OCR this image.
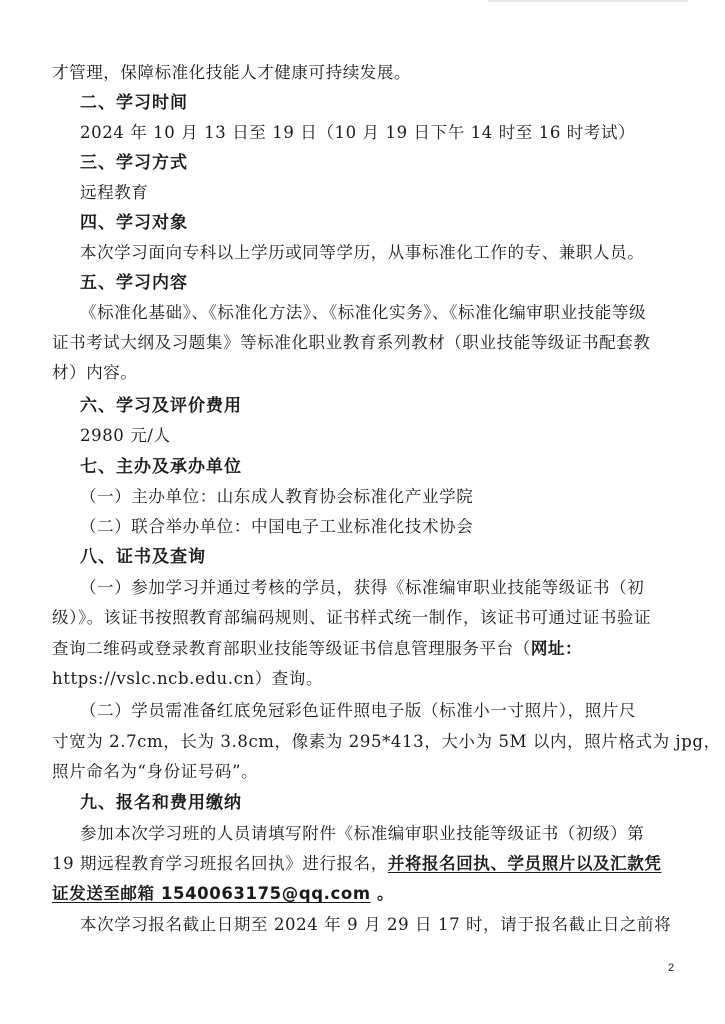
才管理，保障标准化技能人才健康可持续发展。
二、学习时间
2024 年 10 月 13 日至 19 日（10 月 19 日下午 14 时至 16 时考试）
三、学习方式
远程教育
四、学习对象
本次学习面向专科以上学历或同等学历，从事标准化工作的专、兼职人员。
五、学习内容
《标准化基础》、《标准化方法》、《标准化实务》、《标准化编审职业技能等级
证书考试大纲及习题集》等标准化职业教育系列教材（职业技能等级证书配套教
材）内容。
六、学习及评价费用
2980 元/人
七、主办及承办单位
（一）主办单位：山东成人教育协会标准化产业学院
（二）联合举办单位：中国电子工业标准化技术协会
八、证书及查询
（一）参加学习并通过考核的学员，获得《标准编审职业技能等级证书（初
级）》。该证书按照教育部编码规则、证书样式统一制作，该证书可通过证书验证
查询二维码或登录教育部职业技能等级证书信息管理服务平台（网址：
https://vslc.ncb.edu.cn）查询。
（二）学员需准备红底免冠彩色证件照电子版（标准小一寸照片），照片尺
寸宽为 2.7cm，长为 3.8cm，像素为 295*413，大小为 5M 以内，照片格式为 jpg，
照片命名为“身份证号码”。
九、报名和费用缴纳
参加本次学习班的人员请填写附件《标准编审职业技能等级证书（初级）第
19 期远程教育学习班报名回执》进行报名，并将报名回执、学员照片以及汇款凭
证发送至邮箱 1540063175@qq.com 。
本次学习报名截止日期至 2024 年 9 月 29 日 17 时，请于报名截止日之前将
2
